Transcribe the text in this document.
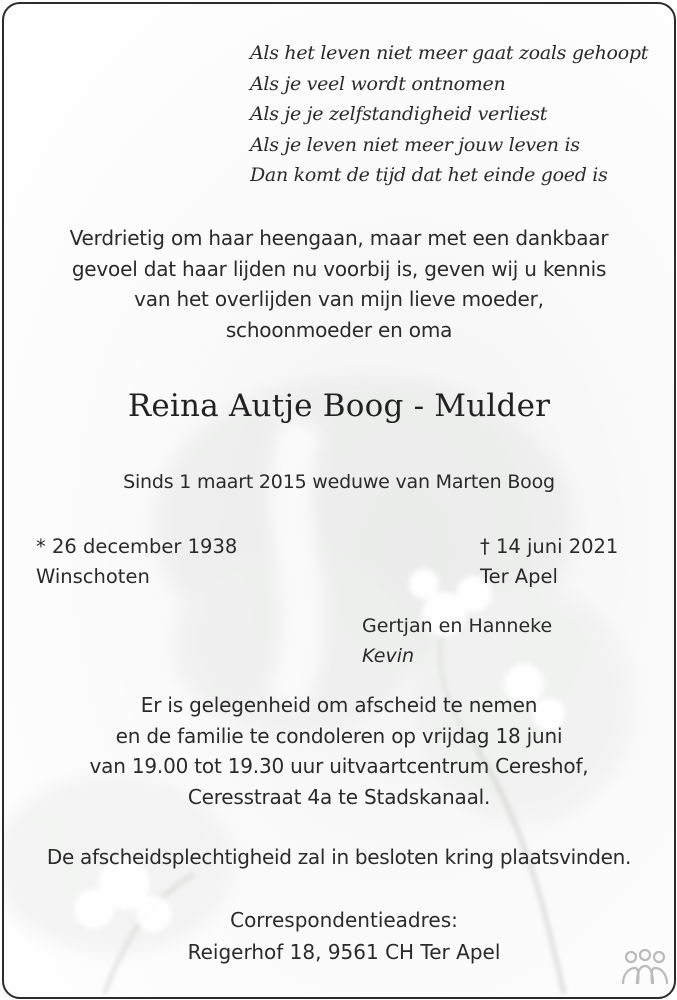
Als het leven niet meer gaat zoals gehoopt
Als je veel wordt ontnomen
Als je je zelfstandigheid verliest
Als je leven niet meer jouw leven is
Dan komt de tijd dat het einde goed is
Verdrietig om haar heengaan, maar met een dankbaar
gevoel dat haar lijden nu voorbij is, geven wij u kennis
van het overlijden van mijn lieve moeder,
schoonmoeder en oma
Reina Autje Boog - Mulder
Sinds 1 maart 2015 weduwe van Marten Boog
* 26 december 1938
Winschoten
† 14 juni 2021
Ter Apel
Gertjan en Hanneke
Kevin
Er is gelegenheid om afscheid te nemen
en de familie te condoleren op vrijdag 18 juni
van 19.00 tot 19.30 uur uitvaartcentrum Cereshof,
Ceresstraat 4a te Stadskanaal.
De afscheidsplechtigheid zal in besloten kring plaatsvinden.
Correspondentieadres:
Reigerhof 18, 9561 CH Ter Apel
